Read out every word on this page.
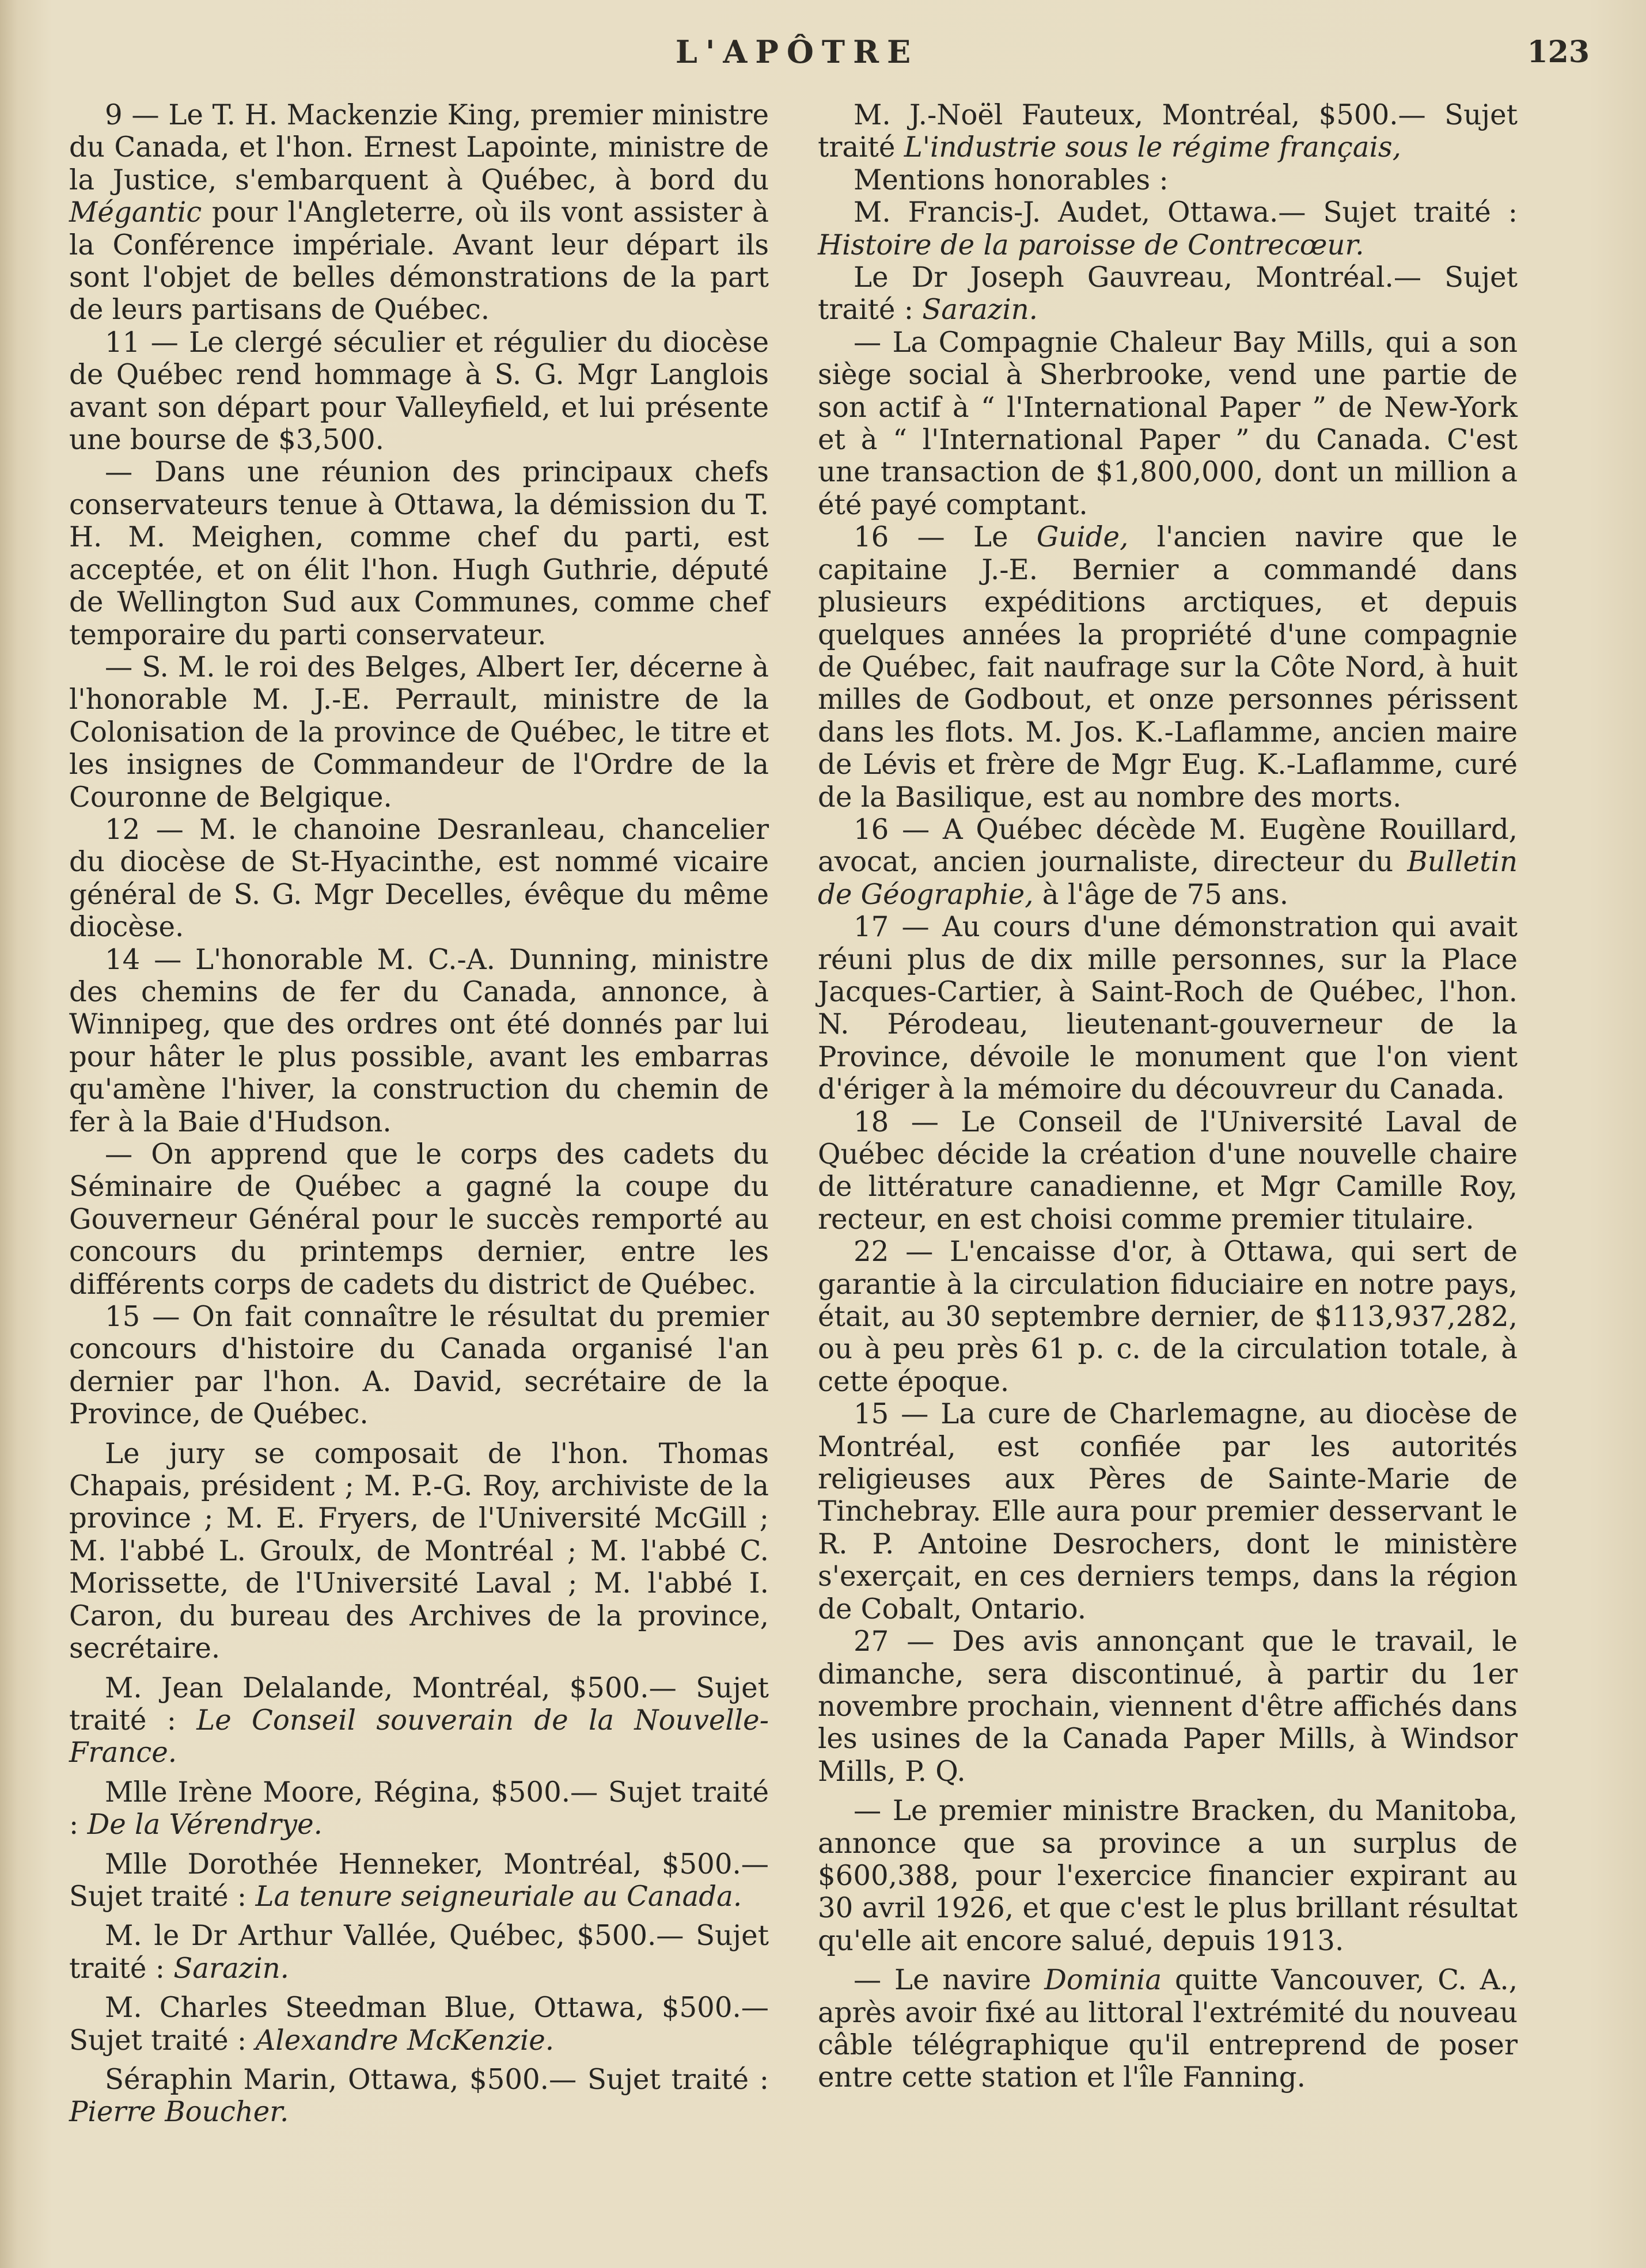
L'APÔTRE	123

9 — Le T. H. Mackenzie King, premier ministre du Canada, et l'hon. Ernest Lapointe, ministre de la Justice, s'embarquent à Québec, à bord du Mégantic pour l'Angleterre, où ils vont assister à la Conférence impériale. Avant leur départ ils sont l'objet de belles démonstrations de la part de leurs partisans de Québec.

11 — Le clergé séculier et régulier du diocèse de Québec rend hommage à S. G. Mgr Langlois avant son départ pour Valleyfield, et lui présente une bourse de $3,500.

— Dans une réunion des principaux chefs conservateurs tenue à Ottawa, la démission du T. H. M. Meighen, comme chef du parti, est acceptée, et on élit l'hon. Hugh Guthrie, député de Wellington Sud aux Communes, comme chef temporaire du parti conservateur.

— S. M. le roi des Belges, Albert Ier, décerne à l'honorable M. J.-E. Perrault, ministre de la Colonisation de la province de Québec, le titre et les insignes de Commandeur de l'Ordre de la Couronne de Belgique.

12 — M. le chanoine Desranleau, chancelier du diocèse de St-Hyacinthe, est nommé vicaire général de S. G. Mgr Decelles, évêque du même diocèse.

14 — L'honorable M. C.-A. Dunning, ministre des chemins de fer du Canada, annonce, à Winnipeg, que des ordres ont été donnés par lui pour hâter le plus possible, avant les embarras qu'amène l'hiver, la construction du chemin de fer à la Baie d'Hudson.

— On apprend que le corps des cadets du Séminaire de Québec a gagné la coupe du Gouverneur Général pour le succès remporté au concours du printemps dernier, entre les différents corps de cadets du district de Québec.

15 — On fait connaître le résultat du premier concours d'histoire du Canada organisé l'an dernier par l'hon. A. David, secrétaire de la Province, de Québec.

Le jury se composait de l'hon. Thomas Chapais, président ; M. P.-G. Roy, archiviste de la province ; M. E. Fryers, de l'Université McGill ; M. l'abbé L. Groulx, de Montréal ; M. l'abbé C. Morissette, de l'Université Laval ; M. l'abbé I. Caron, du bureau des Archives de la province, secrétaire.

M. Jean Delalande, Montréal, $500.— Sujet traité : Le Conseil souverain de la Nouvelle-France.

Mlle Irène Moore, Régina, $500.— Sujet traité : De la Vérendrye.

Mlle Dorothée Henneker, Montréal, $500.— Sujet traité : La tenure seigneuriale au Canada.

M. le Dr Arthur Vallée, Québec, $500.— Sujet traité : Sarazin.

M. Charles Steedman Blue, Ottawa, $500.— Sujet traité : Alexandre McKenzie.

Séraphin Marin, Ottawa, $500.— Sujet traité : Pierre Boucher.

M. J.-Noël Fauteux, Montréal, $500.— Sujet traité L'industrie sous le régime français,

Mentions honorables :

M. Francis-J. Audet, Ottawa.— Sujet traité : Histoire de la paroisse de Contrecœur.

Le Dr Joseph Gauvreau, Montréal.— Sujet traité : Sarazin.

— La Compagnie Chaleur Bay Mills, qui a son siège social à Sherbrooke, vend une partie de son actif à “ l'International Paper ” de New-York et à “ l'International Paper ” du Canada. C'est une transaction de $1,800,000, dont un million a été payé comptant.

16 — Le Guide, l'ancien navire que le capitaine J.-E. Bernier a commandé dans plusieurs expéditions arctiques, et depuis quelques années la propriété d'une compagnie de Québec, fait naufrage sur la Côte Nord, à huit milles de Godbout, et onze personnes périssent dans les flots. M. Jos. K.-Laflamme, ancien maire de Lévis et frère de Mgr Eug. K.-Laflamme, curé de la Basilique, est au nombre des morts.

16 — A Québec décède M. Eugène Rouillard, avocat, ancien journaliste, directeur du Bulletin de Géographie, à l'âge de 75 ans.

17 — Au cours d'une démonstration qui avait réuni plus de dix mille personnes, sur la Place Jacques-Cartier, à Saint-Roch de Québec, l'hon. N. Pérodeau, lieutenant-gouverneur de la Province, dévoile le monument que l'on vient d'ériger à la mémoire du découvreur du Canada.

18 — Le Conseil de l'Université Laval de Québec décide la création d'une nouvelle chaire de littérature canadienne, et Mgr Camille Roy, recteur, en est choisi comme premier titulaire.

22 — L'encaisse d'or, à Ottawa, qui sert de garantie à la circulation fiduciaire en notre pays, était, au 30 septembre dernier, de $113,937,282, ou à peu près 61 p. c. de la circulation totale, à cette époque.

15 — La cure de Charlemagne, au diocèse de Montréal, est confiée par les autorités religieuses aux Pères de Sainte-Marie de Tinchebray. Elle aura pour premier desservant le R. P. Antoine Desrochers, dont le ministère s'exerçait, en ces derniers temps, dans la région de Cobalt, Ontario.

27 — Des avis annonçant que le travail, le dimanche, sera discontinué, à partir du 1er novembre prochain, viennent d'être affichés dans les usines de la Canada Paper Mills, à Windsor Mills, P. Q.

— Le premier ministre Bracken, du Manitoba, annonce que sa province a un surplus de $600,388, pour l'exercice financier expirant au 30 avril 1926, et que c'est le plus brillant résultat qu'elle ait encore salué, depuis 1913.

— Le navire Dominia quitte Vancouver, C. A., après avoir fixé au littoral l'extrémité du nouveau câble télégraphique qu'il entreprend de poser entre cette station et l'île Fanning.
